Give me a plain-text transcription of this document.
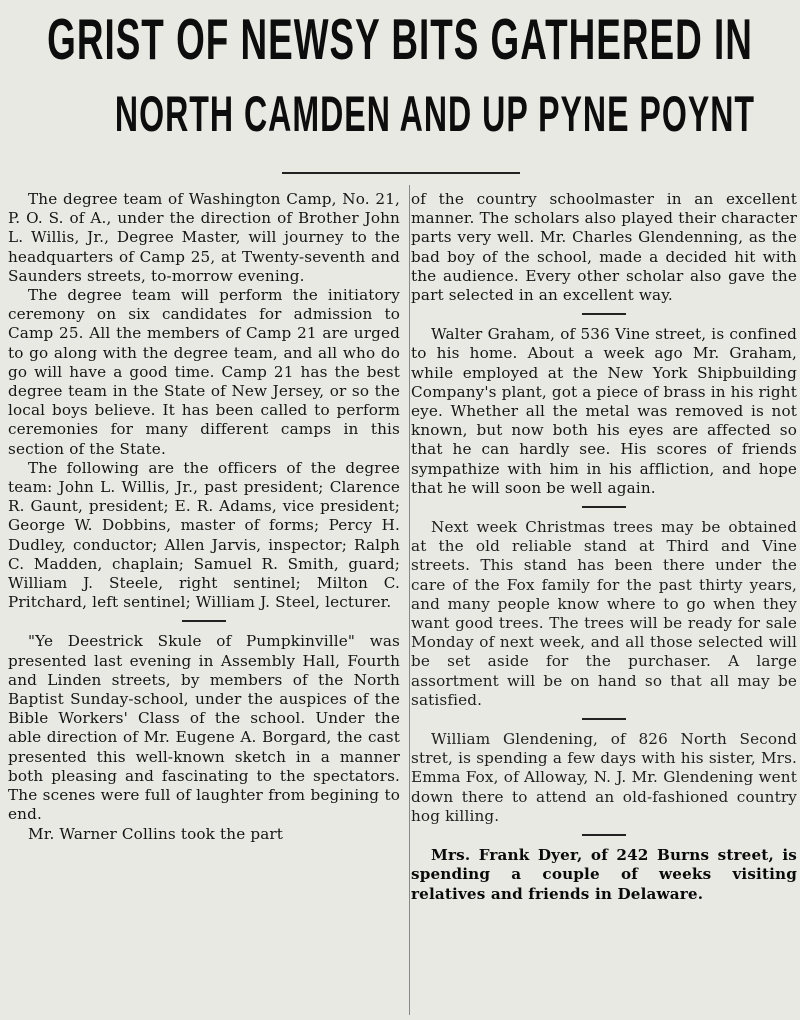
GRIST OF NEWSY BITS GATHERED IN
NORTH CAMDEN AND UP PYNE POYNT

The degree team of Washington Camp, No. 21, P. O. S. of A., under the direction of Brother John L. Willis, Jr., Degree Master, will journey to the headquarters of Camp 25, at Twenty-seventh and Saunders streets, to-morrow evening.

The degree team will perform the initiatory ceremony on six candidates for admission to Camp 25. All the members of Camp 21 are urged to go along with the degree team, and all who do go will have a good time. Camp 21 has the best degree team in the State of New Jersey, or so the local boys believe. It has been called to perform ceremonies for many different camps in this section of the State.

The following are the officers of the degree team: John L. Willis, Jr., past president; Clarence R. Gaunt, president; E. R. Adams, vice president; George W. Dobbins, master of forms; Percy H. Dudley, conductor; Allen Jarvis, inspector; Ralph C. Madden, chaplain; Samuel R. Smith, guard; William J. Steele, right sentinel; Milton C. Pritchard, left sentinel; William J. Steel, lecturer.

"Ye Deestrick Skule of Pumpkinville" was presented last evening in Assembly Hall, Fourth and Linden streets, by members of the North Baptist Sunday-school, under the auspices of the Bible Workers' Class of the school. Under the able direction of Mr. Eugene A. Borgard, the cast presented this well-known sketch in a manner both pleasing and fascinating to the spectators. The scenes were full of laughter from begining to end.

Mr. Warner Collins took the part

of the country schoolmaster in an excellent manner. The scholars also played their character parts very well. Mr. Charles Glendenning, as the bad boy of the school, made a decided hit with the audience. Every other scholar also gave the part selected in an excellent way.

Walter Graham, of 536 Vine street, is confined to his home. About a week ago Mr. Graham, while employed at the New York Shipbuilding Company's plant, got a piece of brass in his right eye. Whether all the metal was removed is not known, but now both his eyes are affected so that he can hardly see. His scores of friends sympathize with him in his affliction, and hope that he will soon be well again.

Next week Christmas trees may be obtained at the old reliable stand at Third and Vine streets. This stand has been there under the care of the Fox family for the past thirty years, and many people know where to go when they want good trees. The trees will be ready for sale Monday of next week, and all those selected will be set aside for the purchaser. A large assortment will be on hand so that all may be satisfied.

William Glendening, of 826 North Second stret, is spending a few days with his sister, Mrs. Emma Fox, of Alloway, N. J. Mr. Glendening went down there to attend an old-fashioned country hog killing.

Mrs. Frank Dyer, of 242 Burns street, is spending a couple of weeks visiting relatives and friends in Delaware.
